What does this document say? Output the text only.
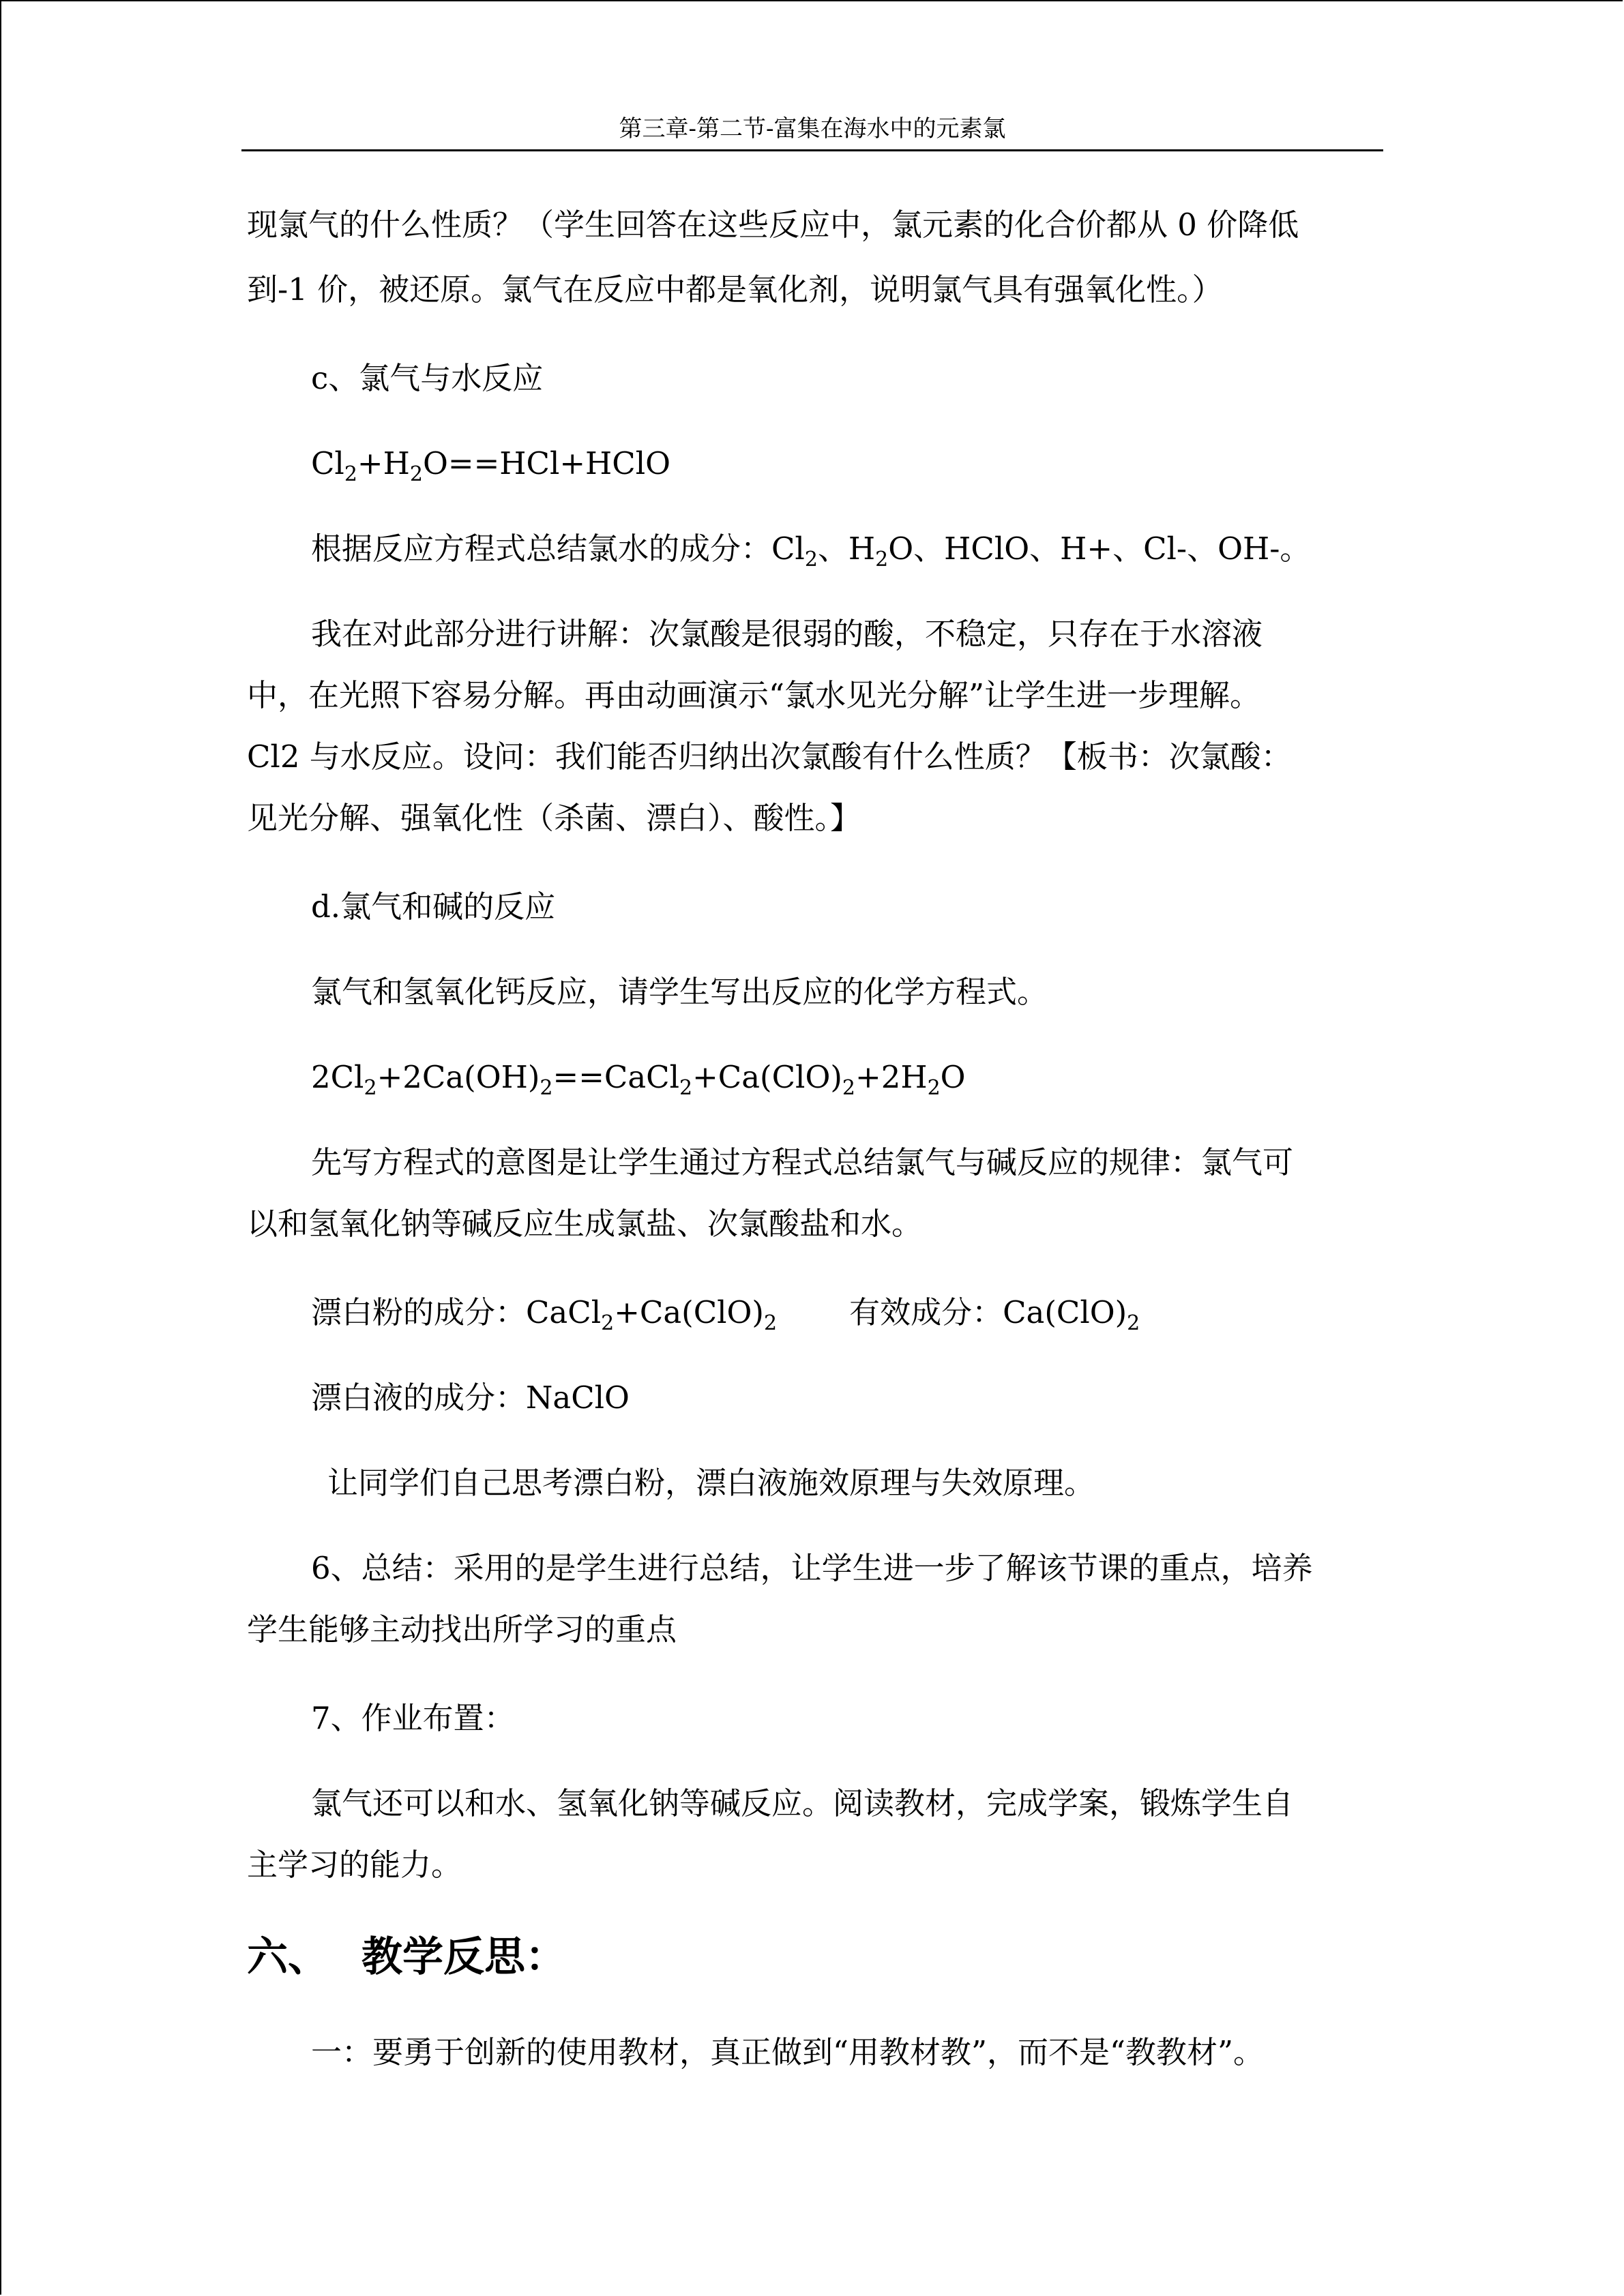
第三章-第二节-富集在海水中的元素氯
现氯气的什么性质？（学生回答在这些反应中，氯元素的化合价都从 0 价降低
到-1 价，被还原。氯气在反应中都是氧化剂，说明氯气具有强氧化性。）
c、氯气与水反应
$Cl_2+H_2O==HCl+HClO$
根据反应方程式总结氯水的成分：$Cl_2$、$H_2O$、HClO、H+、Cl-、OH-。
我在对此部分进行讲解：次氯酸是很弱的酸，不稳定，只存在于水溶液
中，在光照下容易分解。再由动画演示“氯水见光分解”让学生进一步理解。
Cl2 与水反应。设问：我们能否归纳出次氯酸有什么性质？【板书：次氯酸：
见光分解、强氧化性（杀菌、漂白）、酸性。】
d.氯气和碱的反应
氯气和氢氧化钙反应，请学生写出反应的化学方程式。
$2Cl_2+2Ca(OH)_2==CaCl_2+Ca(ClO)_2+2H_2O$
先写方程式的意图是让学生通过方程式总结氯气与碱反应的规律：氯气可
以和氢氧化钠等碱反应生成氯盐、次氯酸盐和水。
漂白粉的成分：$CaCl_2+Ca(ClO)_2$ 有效成分：$Ca(ClO)_2$
漂白液的成分：NaClO
让同学们自己思考漂白粉，漂白液施效原理与失效原理。
6、总结：采用的是学生进行总结，让学生进一步了解该节课的重点，培养
学生能够主动找出所学习的重点
7、作业布置：
氯气还可以和水、氢氧化钠等碱反应。阅读教材，完成学案，锻炼学生自
主学习的能力。
六、 教学反思：
一：要勇于创新的使用教材，真正做到“用教材教”，而不是“教教材”。
